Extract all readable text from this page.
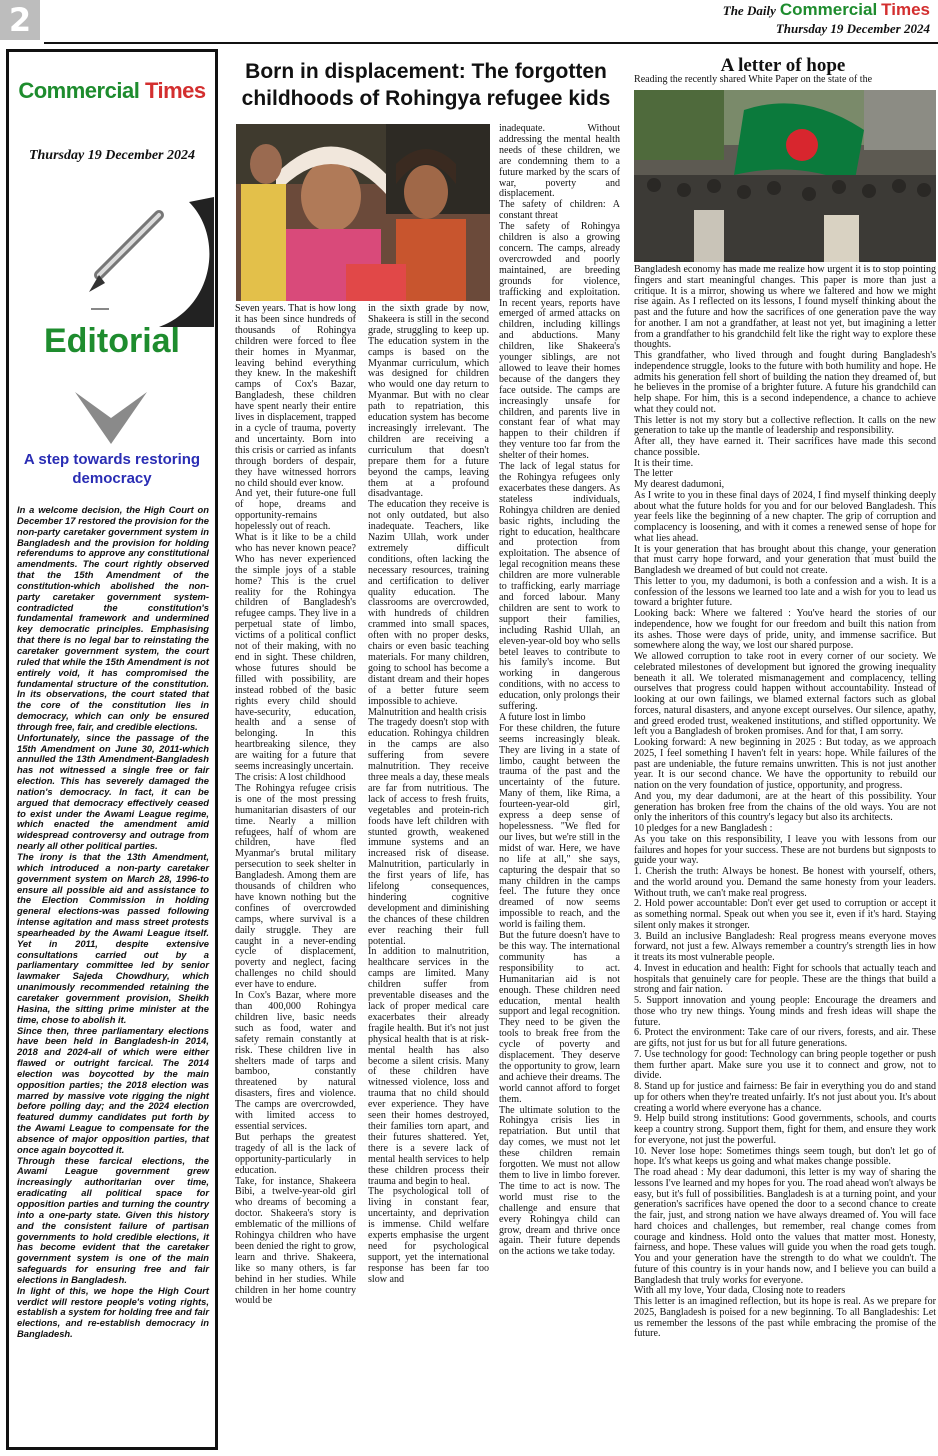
2	The Daily Commercial Times
Thursday 19 December 2024
Commercial Times
Thursday 19 December 2024
Editorial
A step towards restoring democracy

In a welcome decision, the High Court on December 17 restored the provision for the non-party caretaker government system in Bangladesh and the provision for holding referendums to approve any constitutional amendments. The court rightly observed that the 15th Amendment of the constitution-which abolished the non-party caretaker government system-contradicted the constitution's fundamental framework and undermined key democratic principles. Emphasising that there is no legal bar to reinstating the caretaker government system, the court ruled that while the 15th Amendment is not entirely void, it has compromised the fundamental structure of the constitution. In its observations, the court stated that the core of the constitution lies in democracy, which can only be ensured through free, fair, and credible elections.

Unfortunately, since the passage of the 15th Amendment on June 30, 2011-which annulled the 13th Amendment-Bangladesh has not witnessed a single free or fair election. This has severely damaged the nation's democracy. In fact, it can be argued that democracy effectively ceased to exist under the Awami League regime, which enacted the amendment amid widespread controversy and outrage from nearly all other political parties.

The irony is that the 13th Amendment, which introduced a non-party caretaker government system on March 28, 1996-to ensure all possible aid and assistance to the Election Commission in holding general elections-was passed following intense agitation and mass street protests spearheaded by the Awami League itself. Yet in 2011, despite extensive consultations carried out by a parliamentary committee led by senior lawmaker Sajeda Chowdhury, which unanimously recommended retaining the caretaker government provision, Sheikh Hasina, the sitting prime minister at the time, chose to abolish it.

Since then, three parliamentary elections have been held in Bangladesh-in 2014, 2018 and 2024-all of which were either flawed or outright farcical. The 2014 election was boycotted by the main opposition parties; the 2018 election was marred by massive vote rigging the night before polling day; and the 2024 election featured dummy candidates put forth by the Awami League to compensate for the absence of major opposition parties, that once again boycotted it.

Through these farcical elections, the Awami League government grew increasingly authoritarian over time, eradicating all political space for opposition parties and turning the country into a one-party state. Given this history and the consistent failure of partisan governments to hold credible elections, it has become evident that the caretaker government system is one of the main safeguards for ensuring free and fair elections in Bangladesh.

In light of this, we hope the High Court verdict will restore people's voting rights, establish a system for holding free and fair elections, and re-establish democracy in Bangladesh.

Born in displacement: The forgotten childhoods of Rohingya refugee kids

Seven years. That is how long it has been since hundreds of thousands of Rohingya children were forced to flee their homes in Myanmar, leaving behind everything they knew. In the makeshift camps of Cox's Bazar, Bangladesh, these children have spent nearly their entire lives in displacement, trapped in a cycle of trauma, poverty and uncertainty. Born into this crisis or carried as infants through borders of despair, they have witnessed horrors no child should ever know.

And yet, their future-one full of hope, dreams and opportunity-remains hopelessly out of reach.

What is it like to be a child who has never known peace? Who has never experienced the simple joys of a stable home? This is the cruel reality for the Rohingya children of Bangladesh's refugee camps. They live in a perpetual state of limbo, victims of a political conflict not of their making, with no end in sight. These children, whose futures should be filled with possibility, are instead robbed of the basic rights every child should have-security, education, health and a sense of belonging. In this heartbreaking silence, they are waiting for a future that seems increasingly uncertain.

The crisis: A lost childhood

The Rohingya refugee crisis is one of the most pressing humanitarian disasters of our time. Nearly a million refugees, half of whom are children, have fled Myanmar's brutal military persecution to seek shelter in Bangladesh. Among them are thousands of children who have known nothing but the confines of overcrowded camps, where survival is a daily struggle. They are caught in a never-ending cycle of displacement, poverty and neglect, facing challenges no child should ever have to endure.

In Cox's Bazar, where more than 400,000 Rohingya children live, basic needs such as food, water and safety remain constantly at risk. These children live in shelters made of tarps and bamboo, constantly threatened by natural disasters, fires and violence. The camps are overcrowded, with limited access to essential services.

But perhaps the greatest tragedy of all is the lack of opportunity-particularly in education.

Take, for instance, Shakeera Bibi, a twelve-year-old girl who dreams of becoming a doctor. Shakeera's story is emblematic of the millions of Rohingya children who have been denied the right to grow, learn and thrive. Shakeera, like so many others, is far behind in her studies. While children in her home country would be

in the sixth grade by now, Shakeera is still in the second grade, struggling to keep up. The education system in the camps is based on the Myanmar curriculum, which was designed for children who would one day return to Myanmar. But with no clear path to repatriation, this education system has become increasingly irrelevant. The children are receiving a curriculum that doesn't prepare them for a future beyond the camps, leaving them at a profound disadvantage.

The education they receive is not only outdated, but also inadequate. Teachers, like Nazim Ullah, work under extremely difficult conditions, often lacking the necessary resources, training and certification to deliver quality education. The classrooms are overcrowded, with hundreds of children crammed into small spaces, often with no proper desks, chairs or even basic teaching materials. For many children, going to school has become a distant dream and their hopes of a better future seem impossible to achieve.

Malnutrition and health crisis

The tragedy doesn't stop with education. Rohingya children in the camps are also suffering from severe malnutrition. They receive three meals a day, these meals are far from nutritious. The lack of access to fresh fruits, vegetables and protein-rich foods have left children with stunted growth, weakened immune systems and an increased risk of disease. Malnutrition, particularly in the first years of life, has lifelong consequences, hindering cognitive development and diminishing the chances of these children ever reaching their full potential.

In addition to malnutrition, healthcare services in the camps are limited. Many children suffer from preventable diseases and the lack of proper medical care exacerbates their already fragile health. But it's not just physical health that is at risk-mental health has also become a silent crisis. Many of these children have witnessed violence, loss and trauma that no child should ever experience. They have seen their homes destroyed, their families torn apart, and their futures shattered. Yet, there is a severe lack of mental health services to help these children process their trauma and begin to heal.

The psychological toll of living in constant fear, uncertainty, and deprivation is immense. Child welfare experts emphasise the urgent need for psychological support, yet the international response has been far too slow and

inadequate. Without addressing the mental health needs of these children, we are condemning them to a future marked by the scars of war, poverty and displacement.

The safety of children: A constant threat

The safety of Rohingya children is also a growing concern. The camps, already overcrowded and poorly maintained, are breeding grounds for violence, trafficking and exploitation. In recent years, reports have emerged of armed attacks on children, including killings and abductions. Many children, like Shakeera's younger siblings, are not allowed to leave their homes because of the dangers they face outside. The camps are increasingly unsafe for children, and parents live in constant fear of what may happen to their children if they venture too far from the shelter of their homes.

The lack of legal status for the Rohingya refugees only exacerbates these dangers. As stateless individuals, Rohingya children are denied basic rights, including the right to education, healthcare and protection from exploitation. The absence of legal recognition means these children are more vulnerable to trafficking, early marriage and forced labour. Many children are sent to work to support their families, including Rashid Ullah, an eleven-year-old boy who sells betel leaves to contribute to his family's income. But working in dangerous conditions, with no access to education, only prolongs their suffering.

A future lost in limbo

For these children, the future seems increasingly bleak. They are living in a state of limbo, caught between the trauma of the past and the uncertainty of the future. Many of them, like Rima, a fourteen-year-old girl, express a deep sense of hopelessness. "We fled for our lives, but we're still in the midst of war. Here, we have no life at all," she says, capturing the despair that so many children in the camps feel. The future they once dreamed of now seems impossible to reach, and the world is failing them.

But the future doesn't have to be this way. The international community has a responsibility to act. Humanitarian aid is not enough. These children need education, mental health support and legal recognition. They need to be given the tools to break free from the cycle of poverty and displacement. They deserve the opportunity to grow, learn and achieve their dreams. The world cannot afford to forget them.

The ultimate solution to the Rohingya crisis lies in repatriation. But until that day comes, we must not let these children remain forgotten. We must not allow them to live in limbo forever. The time to act is now. The world must rise to the challenge and ensure that every Rohingya child can grow, dream and thrive once again. Their future depends on the actions we take today.

A letter of hope
Reading the recently shared White Paper on the state of the

Bangladesh economy has made me realize how urgent it is to stop pointing fingers and start meaningful changes. This paper is more than just a critique. It is a mirror, showing us where we faltered and how we might rise again. As I reflected on its lessons, I found myself thinking about the past and the future and how the sacrifices of one generation pave the way for another. I am not a grandfather, at least not yet, but imagining a letter from a grandfather to his grandchild felt like the right way to explore these thoughts.

This grandfather, who lived through and fought during Bangladesh's independence struggle, looks to the future with both humility and hope. He admits his generation fell short of building the nation they dreamed of, but he believes in the promise of a brighter future. A future his grandchild can help shape. For him, this is a second independence, a chance to achieve what they could not.

This letter is not my story but a collective reflection. It calls on the new generation to take up the mantle of leadership and responsibility.

After all, they have earned it. Their sacrifices have made this second chance possible.

It is their time.

The letter

My dearest dadumoni,

As I write to you in these final days of 2024, I find myself thinking deeply about what the future holds for you and for our beloved Bangladesh. This year feels like the beginning of a new chapter. The grip of corruption and complacency is loosening, and with it comes a renewed sense of hope for what lies ahead.

It is your generation that has brought about this change, your generation that must carry hope forward, and your generation that must build the Bangladesh we dreamed of but could not create.

This letter to you, my dadumoni, is both a confession and a wish. It is a confession of the lessons we learned too late and a wish for you to lead us toward a brighter future.

Looking back: Where we faltered : You've heard the stories of our independence, how we fought for our freedom and built this nation from its ashes. Those were days of pride, unity, and immense sacrifice. But somewhere along the way, we lost our shared purpose.

We allowed corruption to take root in every corner of our society. We celebrated milestones of development but ignored the growing inequality beneath it all. We tolerated mismanagement and complacency, telling ourselves that progress could happen without accountability. Instead of looking at our own failings, we blamed external factors such as global forces, natural disasters, and anyone except ourselves. Our silence, apathy, and greed eroded trust, weakened institutions, and stifled opportunity. We left you a Bangladesh of broken promises. And for that, I am sorry.

Looking forward: A new beginning in 2025 : But today, as we approach 2025, I feel something I haven't felt in years: hope. While failures of the past are undeniable, the future remains unwritten. This is not just another year. It is our second chance. We have the opportunity to rebuild our nation on the very foundation of justice, opportunity, and progress.

And you, my dear dadumoni, are at the heart of this possibility. Your generation has broken free from the chains of the old ways. You are not only the inheritors of this country's legacy but also its architects.

10 pledges for a new Bangladesh :

As you take on this responsibility, I leave you with lessons from our failures and hopes for your success. These are not burdens but signposts to guide your way.

1. Cherish the truth: Always be honest. Be honest with yourself, others, and the world around you. Demand the same honesty from your leaders. Without truth, we can't make real progress.

2. Hold power accountable: Don't ever get used to corruption or accept it as something normal. Speak out when you see it, even if it's hard. Staying silent only makes it stronger.

3. Build an inclusive Bangladesh: Real progress means everyone moves forward, not just a few. Always remember a country's strength lies in how it treats its most vulnerable people.

4. Invest in education and health: Fight for schools that actually teach and hospitals that genuinely care for people. These are the things that build a strong and fair nation.

5. Support innovation and young people: Encourage the dreamers and those who try new things. Young minds and fresh ideas will shape the future.

6. Protect the environment: Take care of our rivers, forests, and air. These are gifts, not just for us but for all future generations.

7. Use technology for good: Technology can bring people together or push them further apart. Make sure you use it to connect and grow, not to divide.

8. Stand up for justice and fairness: Be fair in everything you do and stand up for others when they're treated unfairly. It's not just about you. It's about creating a world where everyone has a chance.

9. Help build strong institutions: Good governments, schools, and courts keep a country strong. Support them, fight for them, and ensure they work for everyone, not just the powerful.

10. Never lose hope: Sometimes things seem tough, but don't let go of hope. It's what keeps us going and what makes change possible.

The road ahead : My dear dadumoni, this letter is my way of sharing the lessons I've learned and my hopes for you. The road ahead won't always be easy, but it's full of possibilities. Bangladesh is at a turning point, and your generation's sacrifices have opened the door to a second chance to create the fair, just, and strong nation we have always dreamed of. You will face hard choices and challenges, but remember, real change comes from courage and kindness. Hold onto the values that matter most. Honesty, fairness, and hope. These values will guide you when the road gets tough. You and your generation have the strength to do what we couldn't. The future of this country is in your hands now, and I believe you can build a Bangladesh that truly works for everyone.

With all my love, Your dada, Closing note to readers

This letter is an imagined reflection, but its hope is real. As we prepare for 2025, Bangladesh is poised for a new beginning. To all Bangladeshis: Let us remember the lessons of the past while embracing the promise of the future.
